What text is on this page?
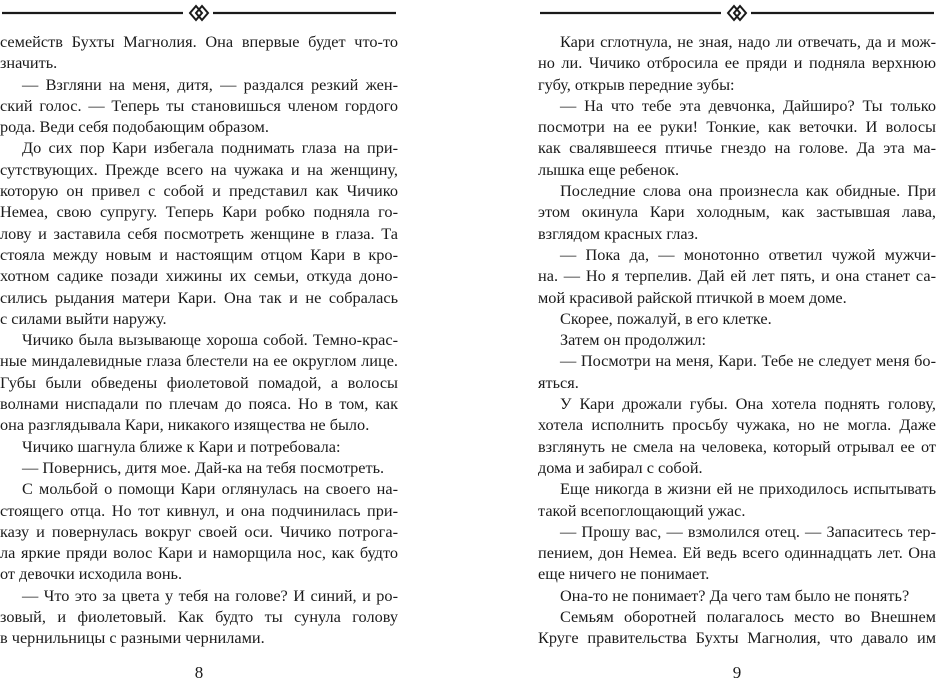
семейств Бухты Магнолия. Она впервые будет что-то

значить.

— Взгляни на меня, дитя, — раздался резкий жен-

ский голос. — Теперь ты становишься членом гордого

рода. Веди себя подобающим образом.

До сих пор Кари избегала поднимать глаза на при-

сутствующих. Прежде всего на чужака и на женщину,

которую он привел с собой и представил как Чичико

Немеа, свою супругу. Теперь Кари робко подняла го-

лову и заставила себя посмотреть женщине в глаза. Та

стояла между новым и настоящим отцом Кари в кро-

хотном садике позади хижины их семьи, откуда доно-

сились рыдания матери Кари. Она так и не собралась

с силами выйти наружу.

Чичико была вызывающе хороша собой. Темно-крас-

ные миндалевидные глаза блестели на ее округлом лице.

Губы были обведены фиолетовой помадой, а волосы

волнами ниспадали по плечам до пояса. Но в том, как

она разглядывала Кари, никакого изящества не было.

Чичико шагнула ближе к Кари и потребовала:

— Повернись, дитя мое. Дай-ка на тебя посмотреть.

С мольбой о помощи Кари оглянулась на своего на-

стоящего отца. Но тот кивнул, и она подчинилась при-

казу и повернулась вокруг своей оси. Чичико потрога-

ла яркие пряди волос Кари и наморщила нос, как будто

от девочки исходила вонь.

— Что это за цвета у тебя на голове? И синий, и ро-

зовый, и фиолетовый. Как будто ты сунула голову

в чернильницы с разными чернилами.

8

Кари сглотнула, не зная, надо ли отвечать, да и мож-

но ли. Чичико отбросила ее пряди и подняла верхнюю

губу, открыв передние зубы:

— На что тебе эта девчонка, Дайширо? Ты только

посмотри на ее руки! Тонкие, как веточки. И волосы

как свалявшееся птичье гнездо на голове. Да эта ма-

лышка еще ребенок.

Последние слова она произнесла как обидные. При

этом окинула Кари холодным, как застывшая лава,

взглядом красных глаз.

— Пока да, — монотонно ответил чужой мужчи-

на. — Но я терпелив. Дай ей лет пять, и она станет са-

мой красивой райской птичкой в моем доме.

Скорее, пожалуй, в его клетке.

Затем он продолжил:

— Посмотри на меня, Кари. Тебе не следует меня бо-

яться.

У Кари дрожали губы. Она хотела поднять голову,

хотела исполнить просьбу чужака, но не могла. Даже

взглянуть не смела на человека, который отрывал ее от

дома и забирал с собой.

Еще никогда в жизни ей не приходилось испытывать

такой всепоглощающий ужас.

— Прошу вас, — взмолился отец. — Запаситесь тер-

пением, дон Немеа. Ей ведь всего одиннадцать лет. Она

еще ничего не понимает.

Она-то не понимает? Да чего там было не понять?

Семьям оборотней полагалось место во Внешнем

Круге правительства Бухты Магнолия, что давало им

9
